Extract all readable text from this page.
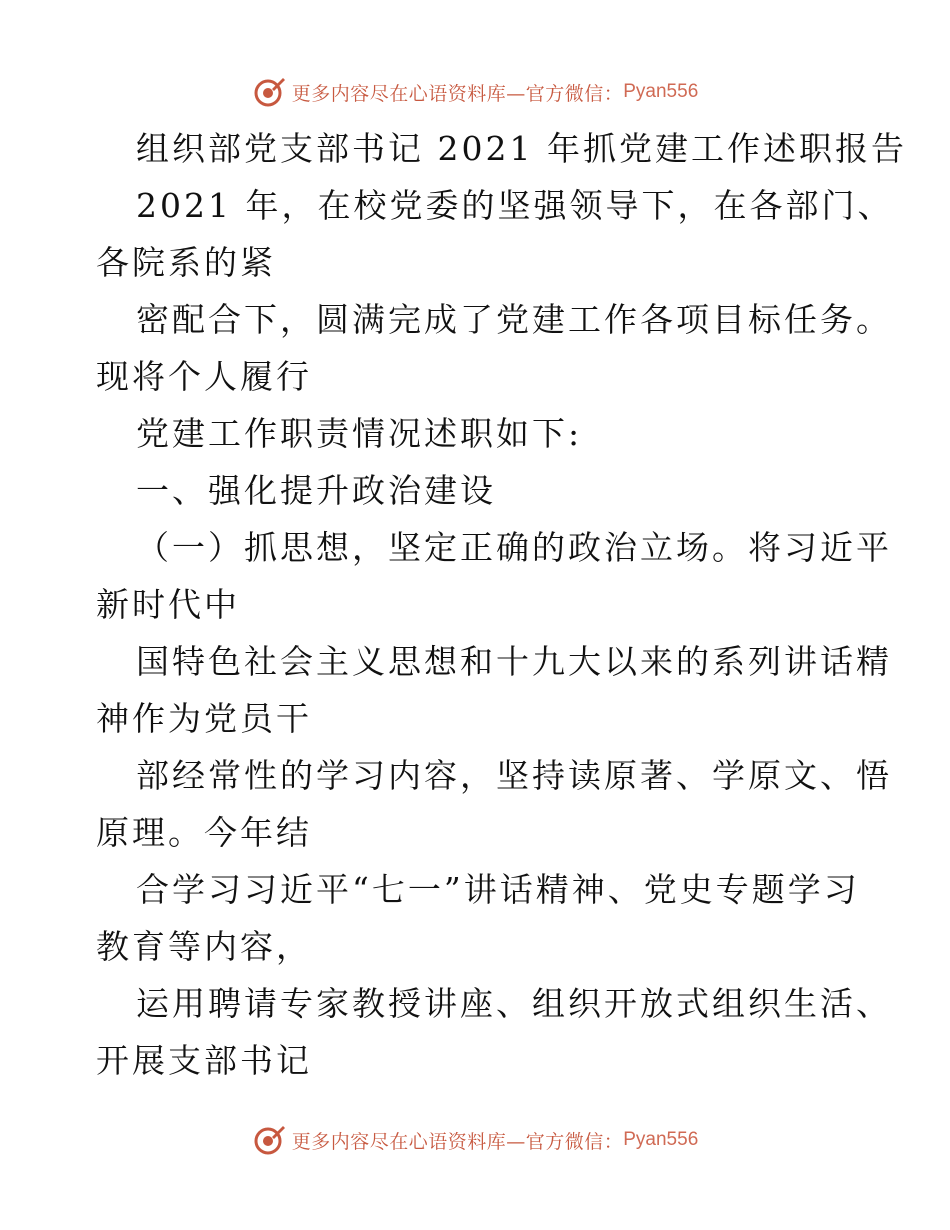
更多内容尽在心语资料库—官方微信： Pyan556
组织部党支部书记 2021 年抓党建工作述职报告
2021 年，在校党委的坚强领导下，在各部门、
各院系的紧
密配合下，圆满完成了党建工作各项目标任务。
现将个人履行
党建工作职责情况述职如下:
一、强化提升政治建设
（一）抓思想，坚定正确的政治立场。将习近平
新时代中
国特色社会主义思想和十九大以来的系列讲话精
神作为党员干
部经常性的学习内容，坚持读原著、学原文、悟
原理。今年结
合学习习近平“七一”讲话精神、党史专题学习
教育等内容，
运用聘请专家教授讲座、组织开放式组织生活、
开展支部书记
更多内容尽在心语资料库—官方微信： Pyan556
